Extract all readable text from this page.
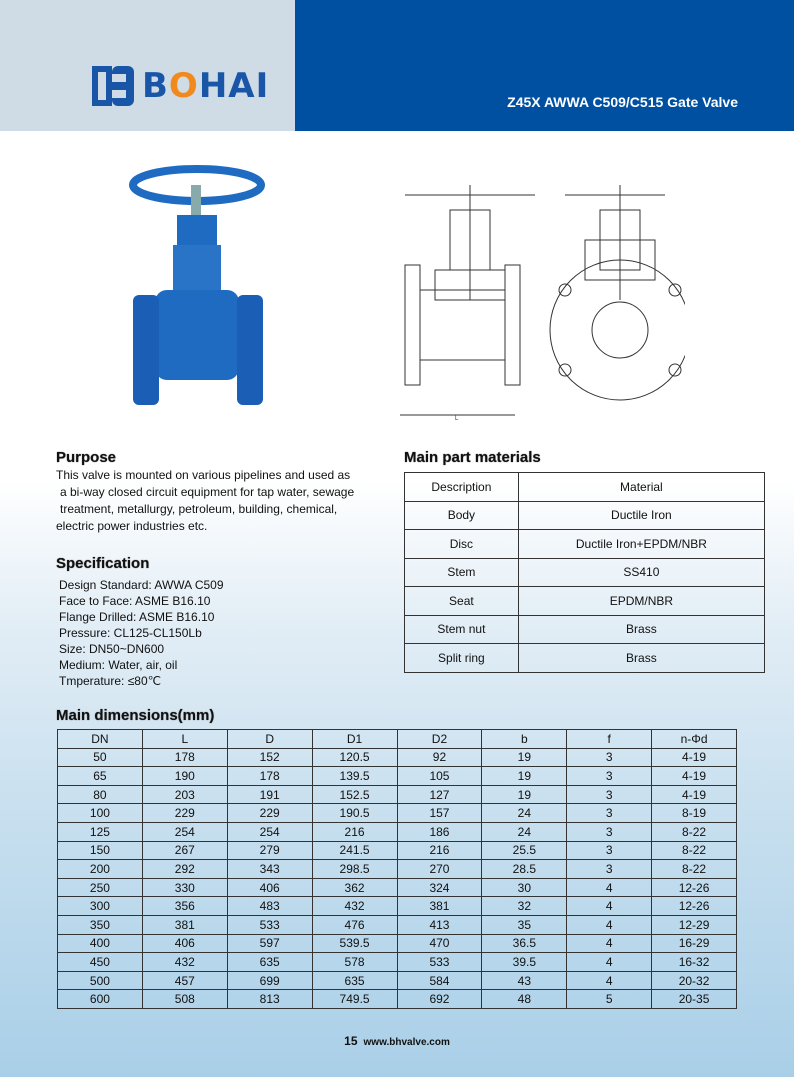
BOHAI	Z45X AWWA C509/C515 Gate Valve
L
Purpose
This valve is mounted on various pipelines and used as
a bi-way closed circuit equipment for tap water, sewage
treatment, metallurgy, petroleum, building, chemical,
electric power industries etc.
Specification
Design Standard: AWWA C509
Face to Face: ASME B16.10
Flange Drilled: ASME B16.10
Pressure: CL125-CL150Lb
Size: DN50~DN600
Medium: Water, air, oil
Tmperature: ≤80℃
Main part materials
Description	Material
Body	Ductile Iron
Disc	Ductile Iron+EPDM/NBR
Stem	SS410
Seat	EPDM/NBR
Stem nut	Brass
Split ring	Brass
Main dimensions(mm)
DN	L	D	D1	D2	b	f	n-Φd
50	178	152	120.5	92	19	3	4-19
65	190	178	139.5	105	19	3	4-19
80	203	191	152.5	127	19	3	4-19
100	229	229	190.5	157	24	3	8-19
125	254	254	216	186	24	3	8-22
150	267	279	241.5	216	25.5	3	8-22
200	292	343	298.5	270	28.5	3	8-22
250	330	406	362	324	30	4	12-26
300	356	483	432	381	32	4	12-26
350	381	533	476	413	35	4	12-29
400	406	597	539.5	470	36.5	4	16-29
450	432	635	578	533	39.5	4	16-32
500	457	699	635	584	43	4	20-32
600	508	813	749.5	692	48	5	20-35
15 www.bhvalve.com
